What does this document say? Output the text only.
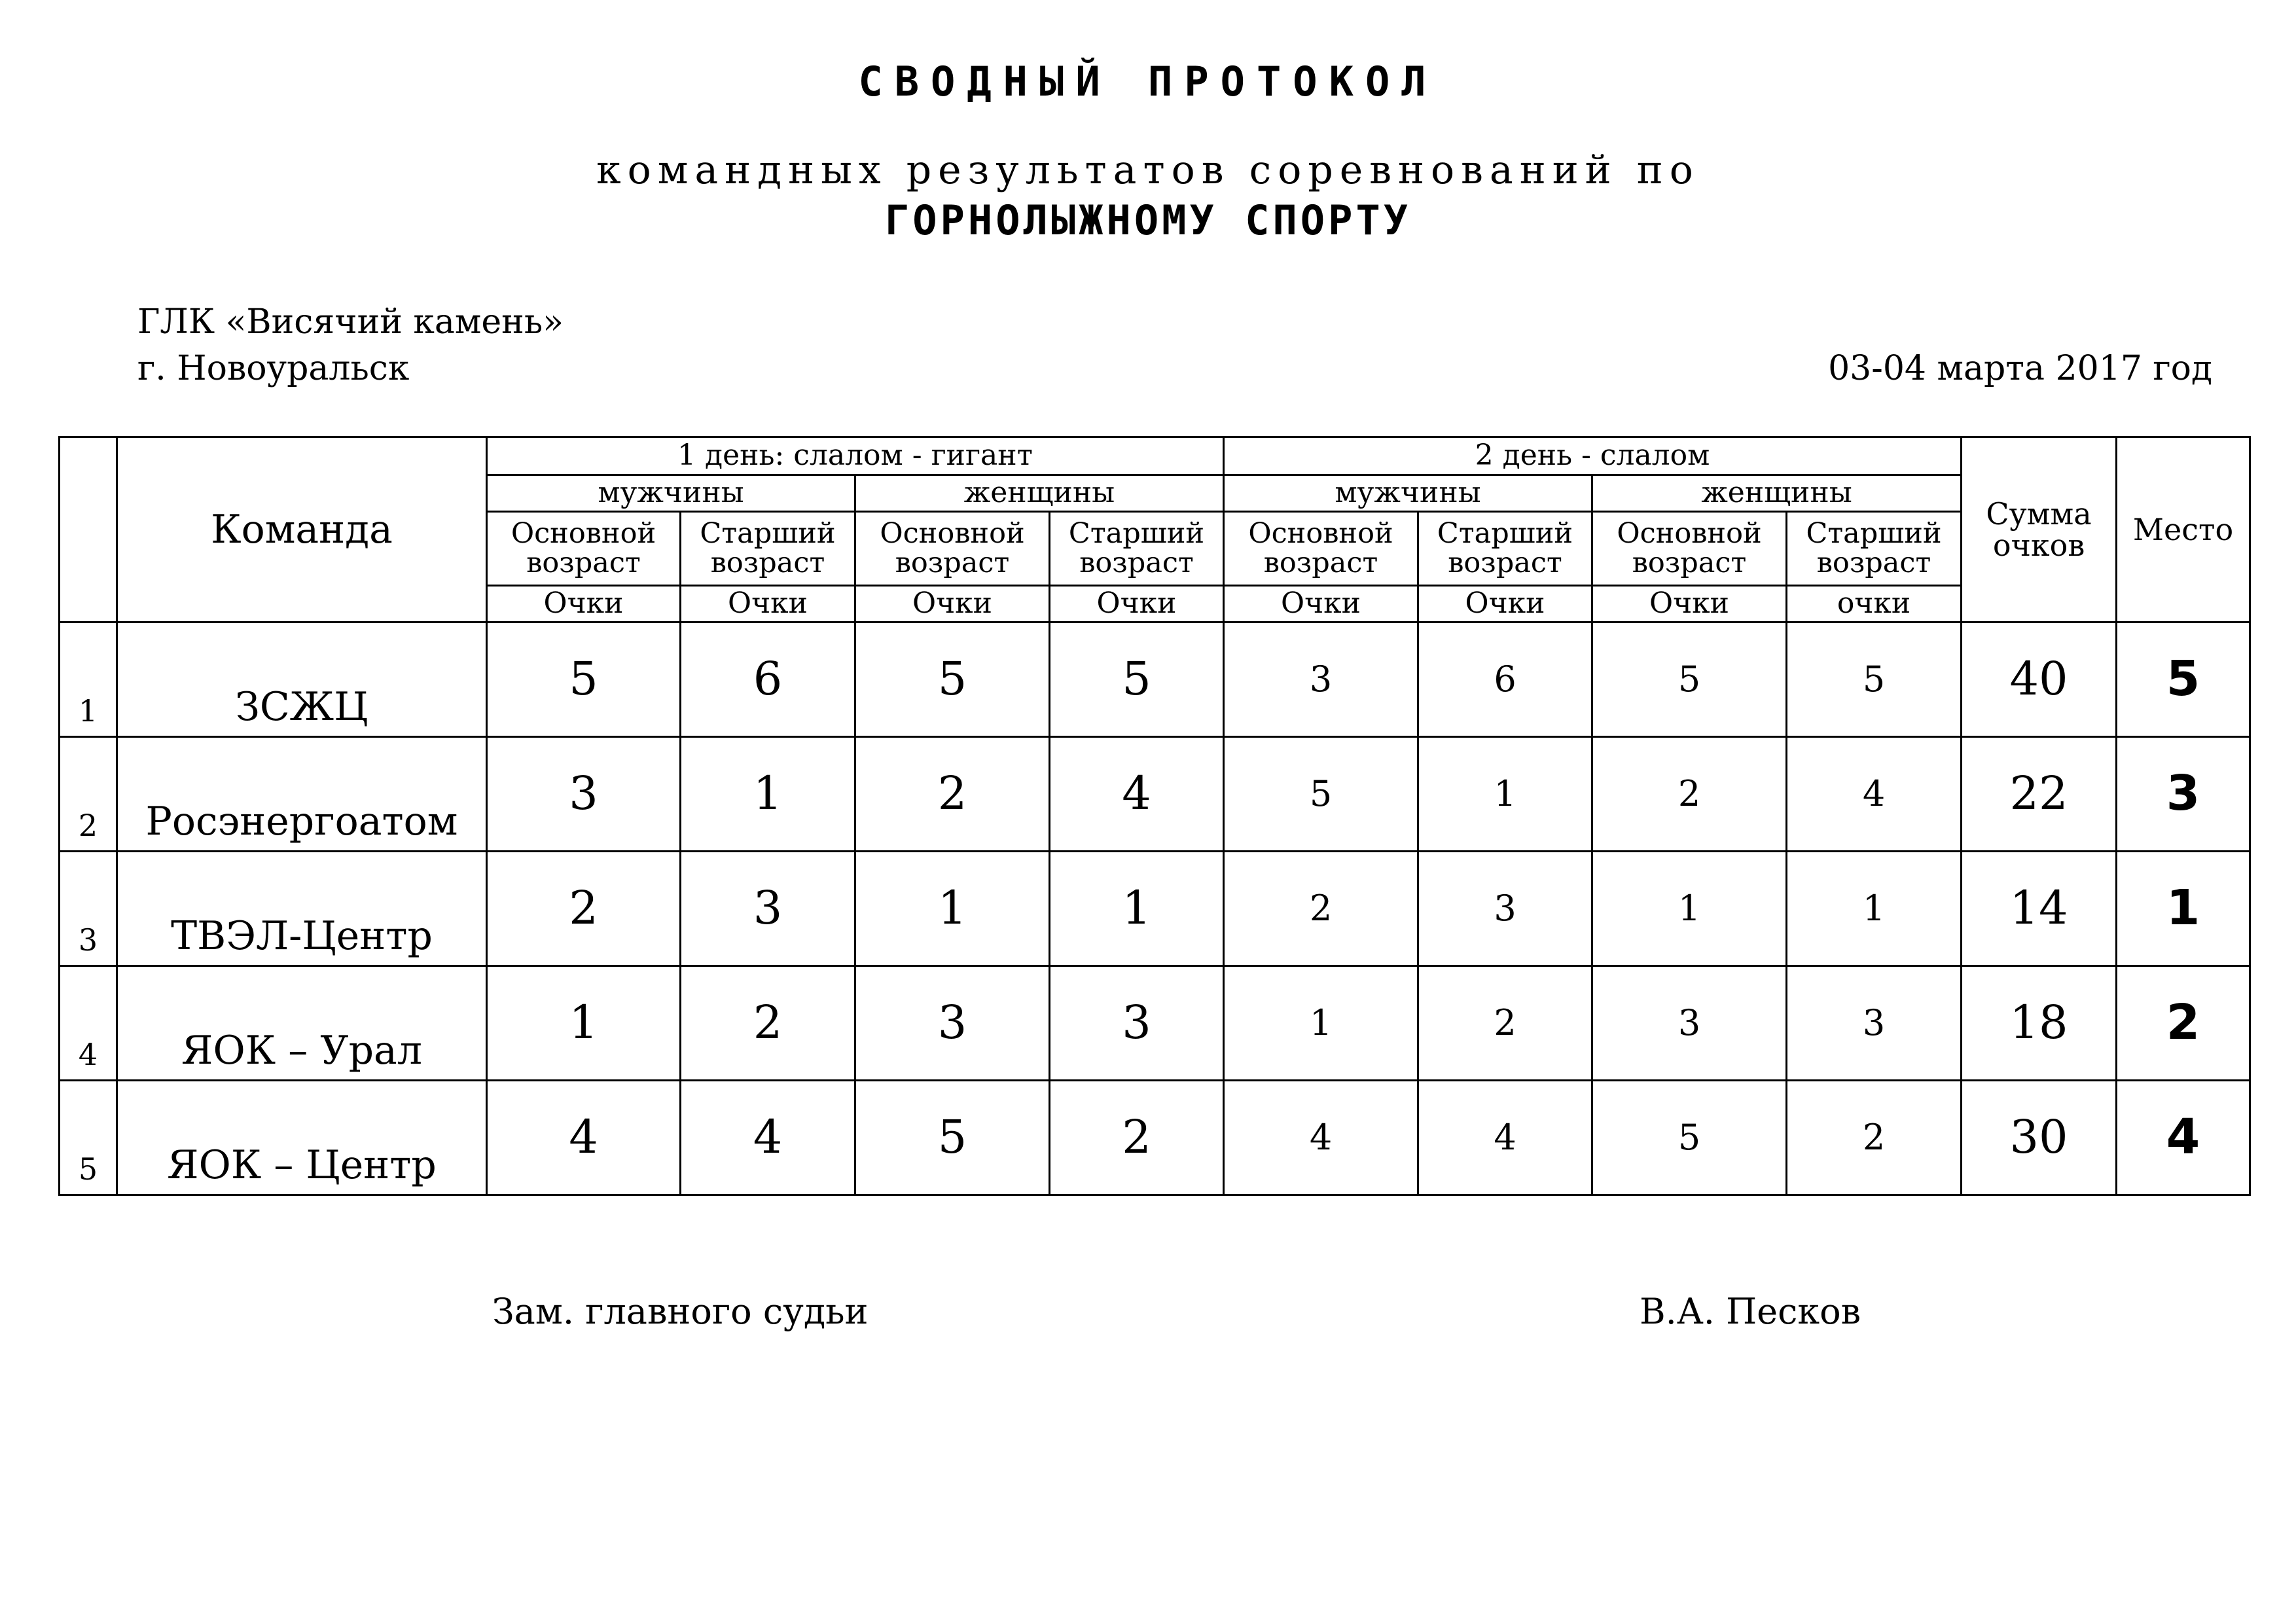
СВОДНЫЙ ПРОТОКОЛ
командных результатов соревнований по
ГОРНОЛЫЖНОМУ СПОРТУ
ГЛК «Висячий камень»
г. Новоуральск	03-04 марта 2017 год
	Команда	1 день: слалом - гигант				2 день - слалом				Сумма очков	Место
		мужчины		женщины		мужчины		женщины			
		Основной возраст	Старший возраст	Основной возраст	Старший возраст	Основной возраст	Старший возраст	Основной возраст	Старший возраст		
		Очки	Очки	Очки	Очки	Очки	Очки	Очки	очки		
1	ЗСЖЦ	5	6	5	5	3	6	5	5	40	5
2	Росэнергоатом	3	1	2	4	5	1	2	4	22	3
3	ТВЭЛ-Центр	2	3	1	1	2	3	1	1	14	1
4	ЯОК – Урал	1	2	3	3	1	2	3	3	18	2
5	ЯОК – Центр	4	4	5	2	4	4	5	2	30	4
Зам. главного судьи	В.А. Песков
